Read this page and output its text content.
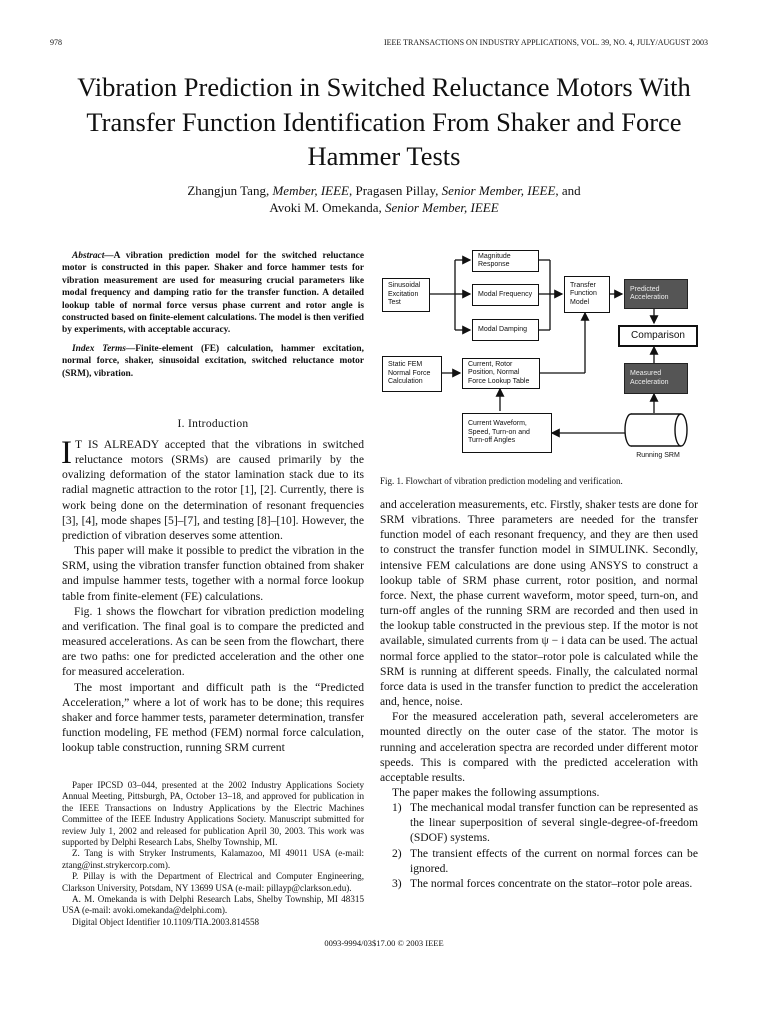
978	IEEE TRANSACTIONS ON INDUSTRY APPLICATIONS, VOL. 39, NO. 4, JULY/AUGUST 2003
Vibration Prediction in Switched Reluctance Motors With Transfer Function Identification From Shaker and Force Hammer Tests
Zhangjun Tang, Member, IEEE, Pragasen Pillay, Senior Member, IEEE, and
Avoki M. Omekanda, Senior Member, IEEE

Abstract—A vibration prediction model for the switched reluctance motor is constructed in this paper. Shaker and force hammer tests for vibration measurement are used for measuring crucial parameters like modal frequency and damping ratio for the transfer function. A detailed lookup table of normal force versus phase current and rotor angle is constructed based on finite-element calculations. The model is then verified by experiments, with acceptable accuracy.

Index Terms—Finite-element (FE) calculation, hammer excitation, normal force, shaker, sinusoidal excitation, switched reluctance motor (SRM), vibration.

I. Introduction

IT IS ALREADY accepted that the vibrations in switched reluctance motors (SRMs) are caused primarily by the ovalizing deformation of the stator lamination stack due to its radial magnetic attraction to the rotor [1], [2]. Currently, there is work being done on the determination of resonant frequencies [3], [4], mode shapes [5]–[7], and testing [8]–[10]. However, the prediction of vibration deserves some attention.

This paper will make it possible to predict the vibration in the SRM, using the vibration transfer function obtained from shaker and impulse hammer tests, together with a normal force lookup table from finite-element (FE) calculations.

Fig. 1 shows the flowchart for vibration prediction modeling and verification. The final goal is to compare the predicted and measured accelerations. As can be seen from the flowchart, there are two paths: one for predicted acceleration and the other one for measured acceleration.

The most important and difficult path is the “Predicted Acceleration,” where a lot of work has to be done; this requires shaker and force hammer tests, parameter determination, transfer function modeling, FE method (FEM) normal force calculation, lookup table construction, running SRM current

Paper IPCSD 03–044, presented at the 2002 Industry Applications Society Annual Meeting, Pittsburgh, PA, October 13–18, and approved for publication in the IEEE Transactions on Industry Applications by the Electric Machines Committee of the IEEE Industry Applications Society. Manuscript submitted for review July 1, 2002 and released for publication April 30, 2003. This work was supported by Delphi Research Labs, Shelby Township, MI.

Z. Tang is with Stryker Instruments, Kalamazoo, MI 49011 USA (e-mail: ztang@inst.strykercorp.com).

P. Pillay is with the Department of Electrical and Computer Engineering, Clarkson University, Potsdam, NY 13699 USA (e-mail: pillayp@clarkson.edu).

A. M. Omekanda is with Delphi Research Labs, Shelby Township, MI 48315 USA (e-mail: avoki.omekanda@delphi.com).

Digital Object Identifier 10.1109/TIA.2003.814558

Sinusoidal Excitation Test
Magnitude Response
Modal Frequency
Modal Damping
Transfer Function Model
Predicted Acceleration
Comparison
Static FEM Normal Force Calculation
Current, Rotor Position, Normal Force Lookup Table
Measured Acceleration
Current Waveform, Speed, Turn-on and Turn-off Angles
Running SRM
Fig. 1. Flowchart of vibration prediction modeling and verification.

and acceleration measurements, etc. Firstly, shaker tests are done for SRM vibrations. Three parameters are needed for the transfer function model of each resonant frequency, and they are then used to construct the transfer function model in SIMULINK. Secondly, intensive FEM calculations are done using ANSYS to construct a lookup table of SRM phase current, rotor position, and normal force. Next, the phase current waveform, motor speed, turn-on, and turn-off angles of the running SRM are recorded and then used in the lookup table constructed in the previous step. If the motor is not available, simulated currents from ψ − i data can be used. The actual normal force applied to the stator–rotor pole is calculated while the SRM is running at different speeds. Finally, the calculated normal force data is used in the transfer function to predict the acceleration and, hence, noise.

For the measured acceleration path, several accelerometers are mounted directly on the outer case of the stator. The motor is running and acceleration spectra are recorded under different motor speeds. This is compared with the predicted acceleration with acceptable results.

The paper makes the following assumptions.

1) The mechanical modal transfer function can be represented as the linear superposition of several single-degree-of-freedom (SDOF) systems.
2) The transient effects of the current on normal forces can be ignored.
3) The normal forces concentrate on the stator–rotor pole areas.
0093-9994/03$17.00 © 2003 IEEE
